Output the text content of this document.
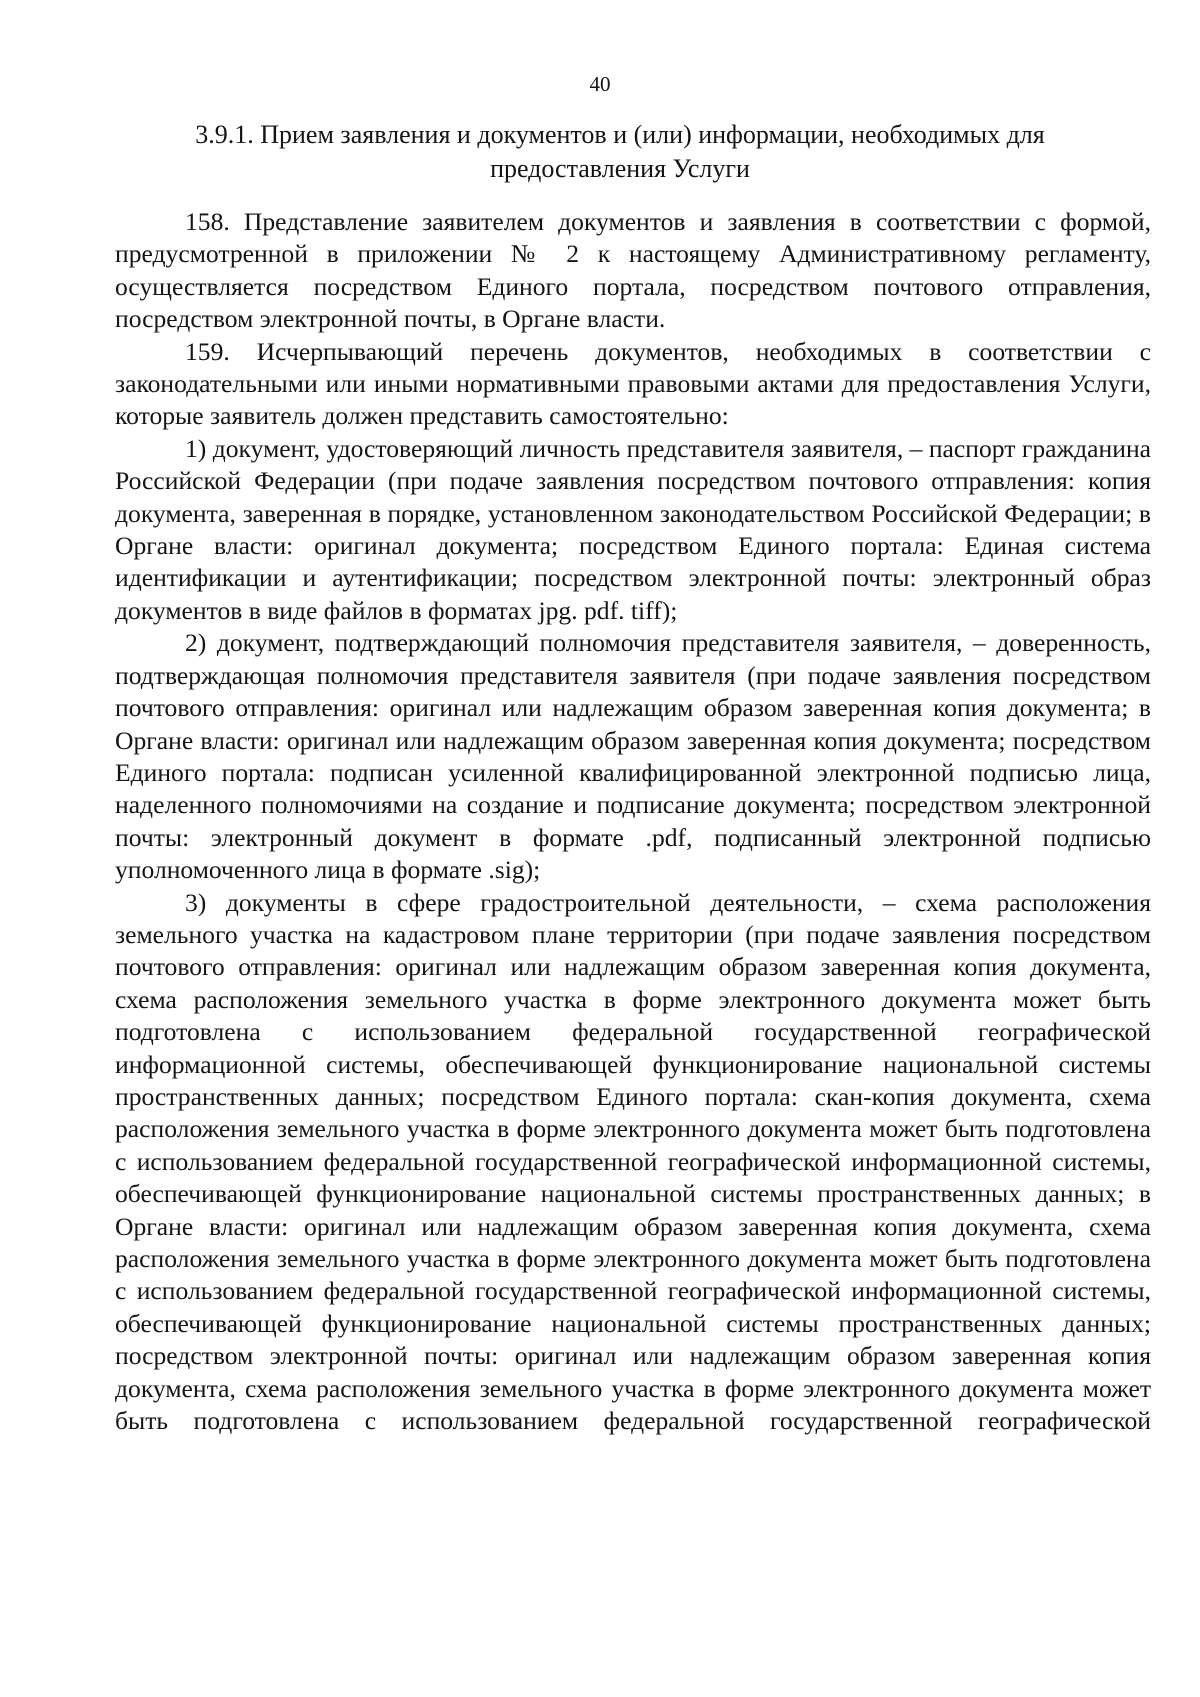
40
3.9.1. Прием заявления и документов и (или) информации, необходимых для
предоставления Услуги

158. Представление заявителем документов и заявления в соответствии с формой, предусмотренной в приложении № 2 к настоящему Административному регламенту, осуществляется посредством Единого портала, посредством почтового отправления, посредством электронной почты, в Органе власти.

159. Исчерпывающий перечень документов, необходимых в соответствии с законодательными или иными нормативными правовыми актами для предоставления Услуги, которые заявитель должен представить самостоятельно:

1) документ, удостоверяющий личность представителя заявителя, – паспорт гражданина Российской Федерации (при подаче заявления посредством почтового отправления: копия документа, заверенная в порядке, установленном законодательством Российской Федерации; в Органе власти: оригинал документа; посредством Единого портала: Единая система идентификации и аутентификации; посредством электронной почты: электронный образ документов в виде файлов в форматах jpg. pdf. tiff);

2) документ, подтверждающий полномочия представителя заявителя, – доверенность, подтверждающая полномочия представителя заявителя (при подаче заявления посредством почтового отправления: оригинал или надлежащим образом заверенная копия документа; в Органе власти: оригинал или надлежащим образом заверенная копия документа; посредством Единого портала: подписан усиленной квалифицированной электронной подписью лица, наделенного полномочиями на создание и подписание документа; посредством электронной почты: электронный документ в формате .pdf, подписанный электронной подписью уполномоченного лица в формате .sig);

3) документы в сфере градостроительной деятельности, – схема расположения земельного участка на кадастровом плане территории (при подаче заявления посредством почтового отправления: оригинал или надлежащим образом заверенная копия документа, схема расположения земельного участка в форме электронного документа может быть подготовлена с использованием федеральной государственной географической информационной системы, обеспечивающей функционирование национальной системы пространственных данных; посредством Единого портала: скан-копия документа, схема расположения земельного участка в форме электронного документа может быть подготовлена с использованием федеральной государственной географической информационной системы, обеспечивающей функционирование национальной системы пространственных данных; в Органе власти: оригинал или надлежащим образом заверенная копия документа, схема расположения земельного участка в форме электронного документа может быть подготовлена с использованием федеральной государственной географической информационной системы, обеспечивающей функционирование национальной системы пространственных данных; посредством электронной почты: оригинал или надлежащим образом заверенная копия документа, схема расположения земельного участка в форме электронного документа может быть подготовлена с использованием федеральной государственной географической
